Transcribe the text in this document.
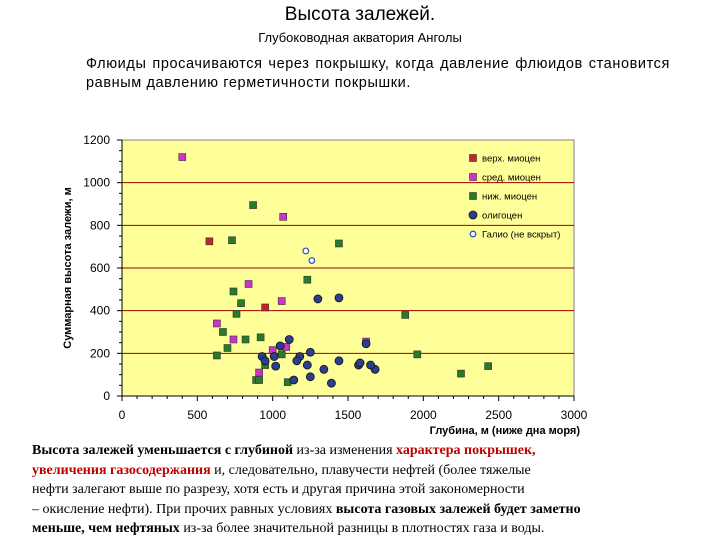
Высота залежей.
Глубоководная акватория Анголы
Флюиды просачиваются через покрышку, когда давление флюидов становится равным давлению герметичности покрышки.
0
200
400
600
800
1000
1200
0	500	1000	1500	2000	2500	3000
Глубина, м (ниже дна моря)
Суммарная высота залежи, м
верх. миоцен
сред. миоцен
ниж. миоцен
олигоцен
Галио (не вскрыт)
Высота залежей уменьшается с глубиной из-за изменения характера покрышек,
увеличения газосодержания и, следовательно, плавучести нефтей (более тяжелые
нефти залегают выше по разрезу, хотя есть и другая причина этой закономерности
– окисление нефти). При прочих равных условиях высота газовых залежей будет заметно
меньше, чем нефтяных из-за более значительной разницы в плотностях газа и воды.
